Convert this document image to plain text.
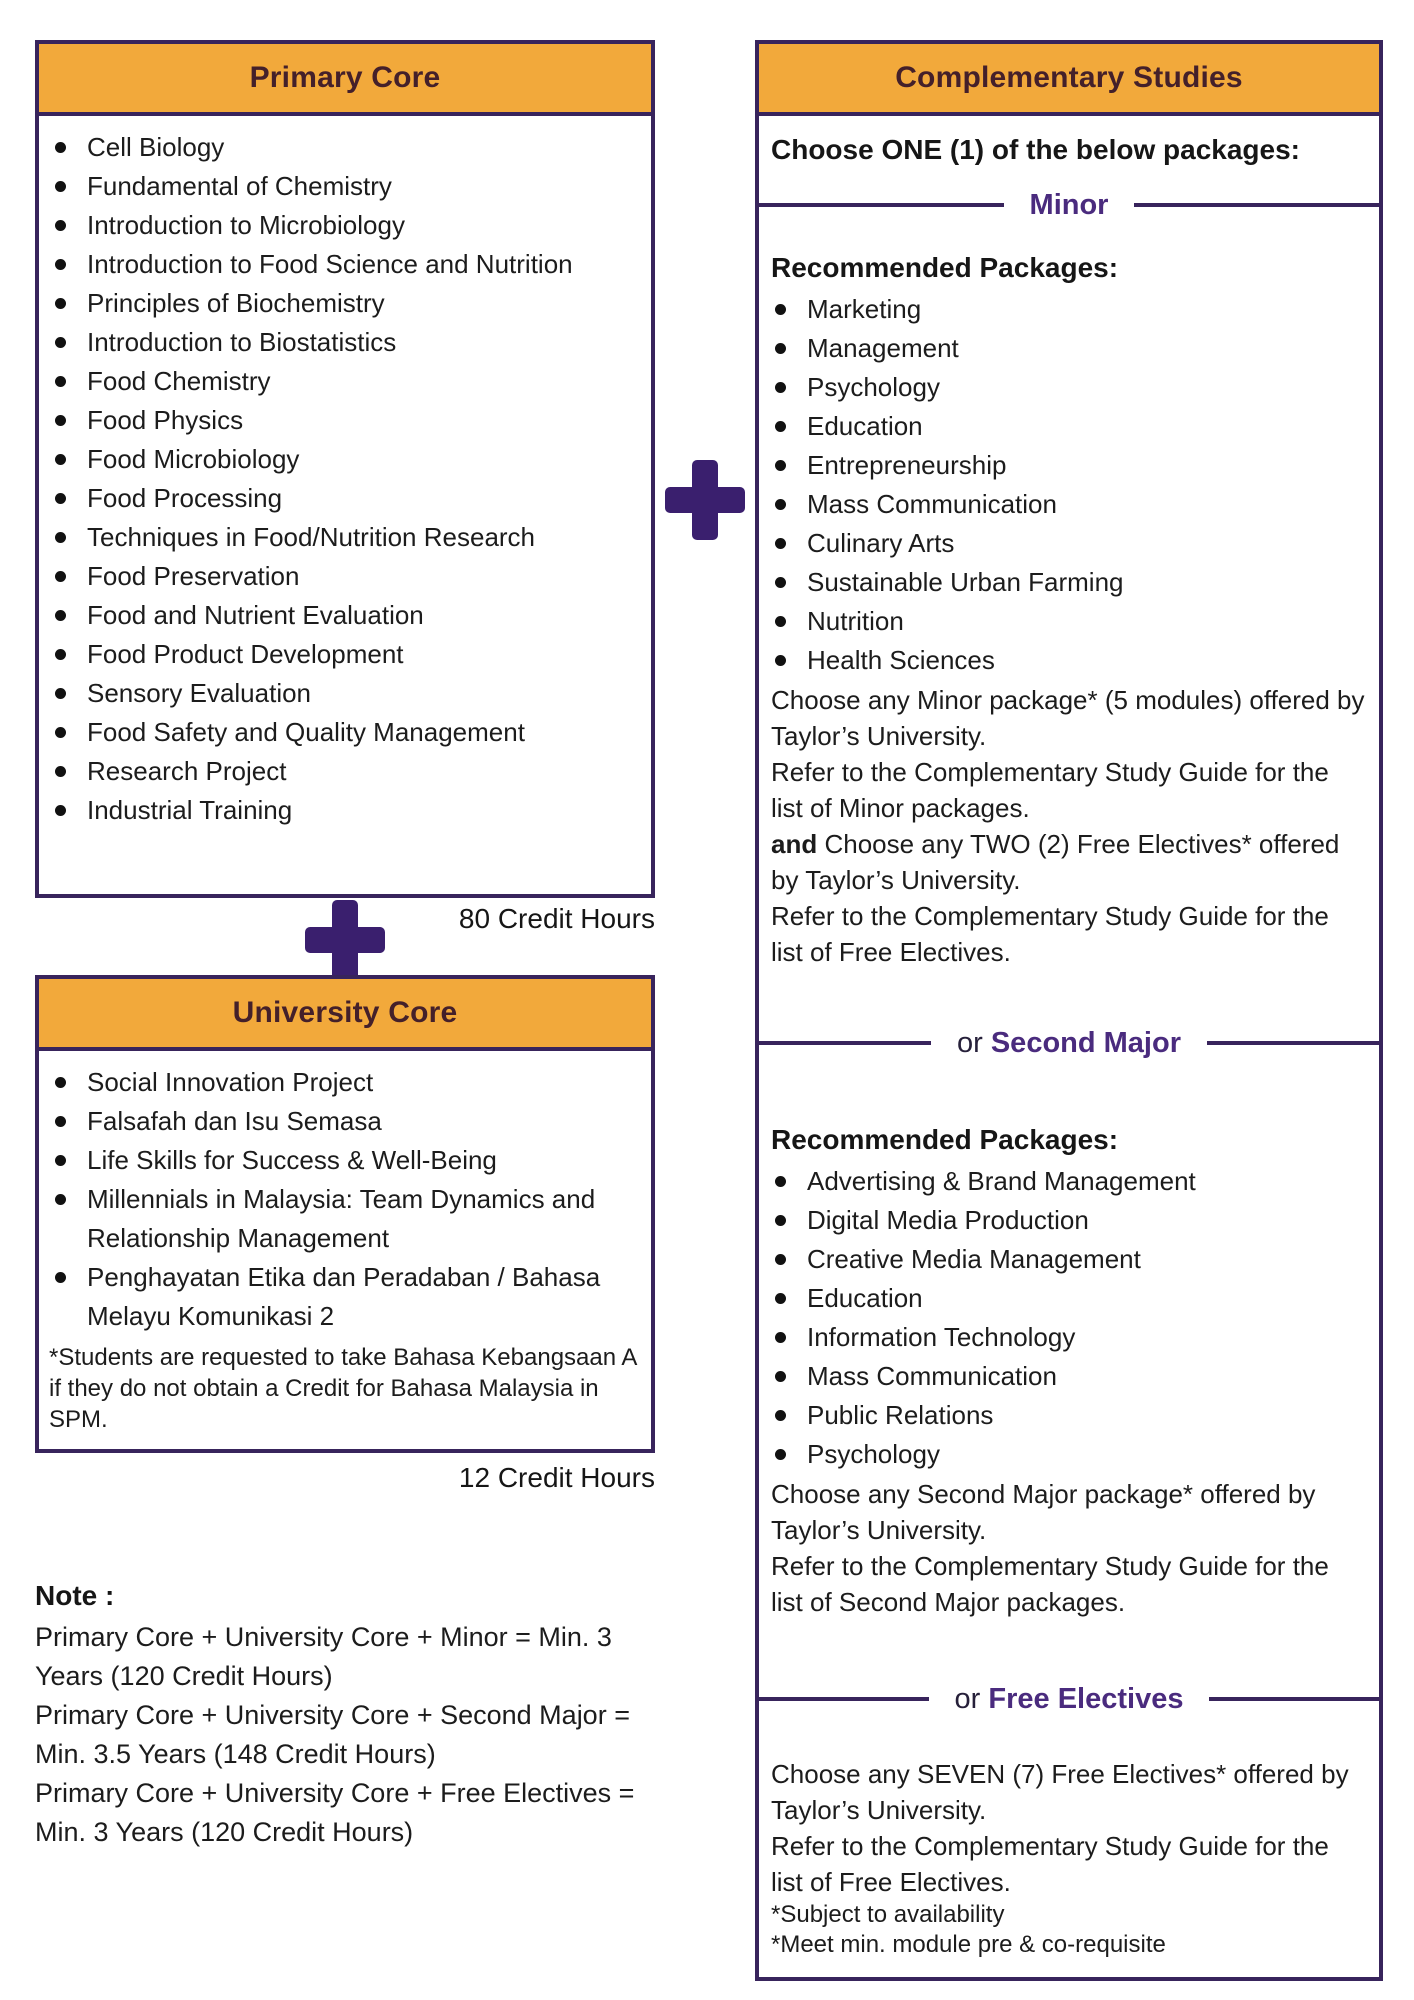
Primary Core
Cell Biology
Fundamental of Chemistry
Introduction to Microbiology
Introduction to Food Science and Nutrition
Principles of Biochemistry
Introduction to Biostatistics
Food Chemistry
Food Physics
Food Microbiology
Food Processing
Techniques in Food/Nutrition Research
Food Preservation
Food and Nutrient Evaluation
Food Product Development
Sensory Evaluation
Food Safety and Quality Management
Research Project
Industrial Training
80 Credit Hours
University Core
Social Innovation Project
Falsafah dan Isu Semasa
Life Skills for Success & Well-Being
Millennials in Malaysia: Team Dynamics and Relationship Management
Penghayatan Etika dan Peradaban / Bahasa Melayu Komunikasi 2
*Students are requested to take Bahasa Kebangsaan A if they do not obtain a Credit for Bahasa Malaysia in SPM.
12 Credit Hours
Note :
Primary Core + University Core + Minor = Min. 3 Years (120 Credit Hours)
Primary Core + University Core + Second Major = Min. 3.5 Years (148 Credit Hours)
Primary Core + University Core + Free Electives = Min. 3 Years (120 Credit Hours)
Complementary Studies
Choose ONE (1) of the below packages:
Minor
Recommended Packages:
Marketing
Management
Psychology
Education
Entrepreneurship
Mass Communication
Culinary Arts
Sustainable Urban Farming
Nutrition
Health Sciences

Choose any Minor package* (5 modules) offered by Taylor’s University.

Refer to the Complementary Study Guide for the list of Minor packages.

and Choose any TWO (2) Free Electives* offered by Taylor’s University.

Refer to the Complementary Study Guide for the list of Free Electives.

or Second Major
Recommended Packages:
Advertising & Brand Management
Digital Media Production
Creative Media Management
Education
Information Technology
Mass Communication
Public Relations
Psychology

Choose any Second Major package* offered by Taylor’s University.

Refer to the Complementary Study Guide for the list of Second Major packages.

or Free Electives

Choose any SEVEN (7) Free Electives* offered by Taylor’s University.

Refer to the Complementary Study Guide for the list of Free Electives.

*Subject to availability
*Meet min. module pre & co-requisite
